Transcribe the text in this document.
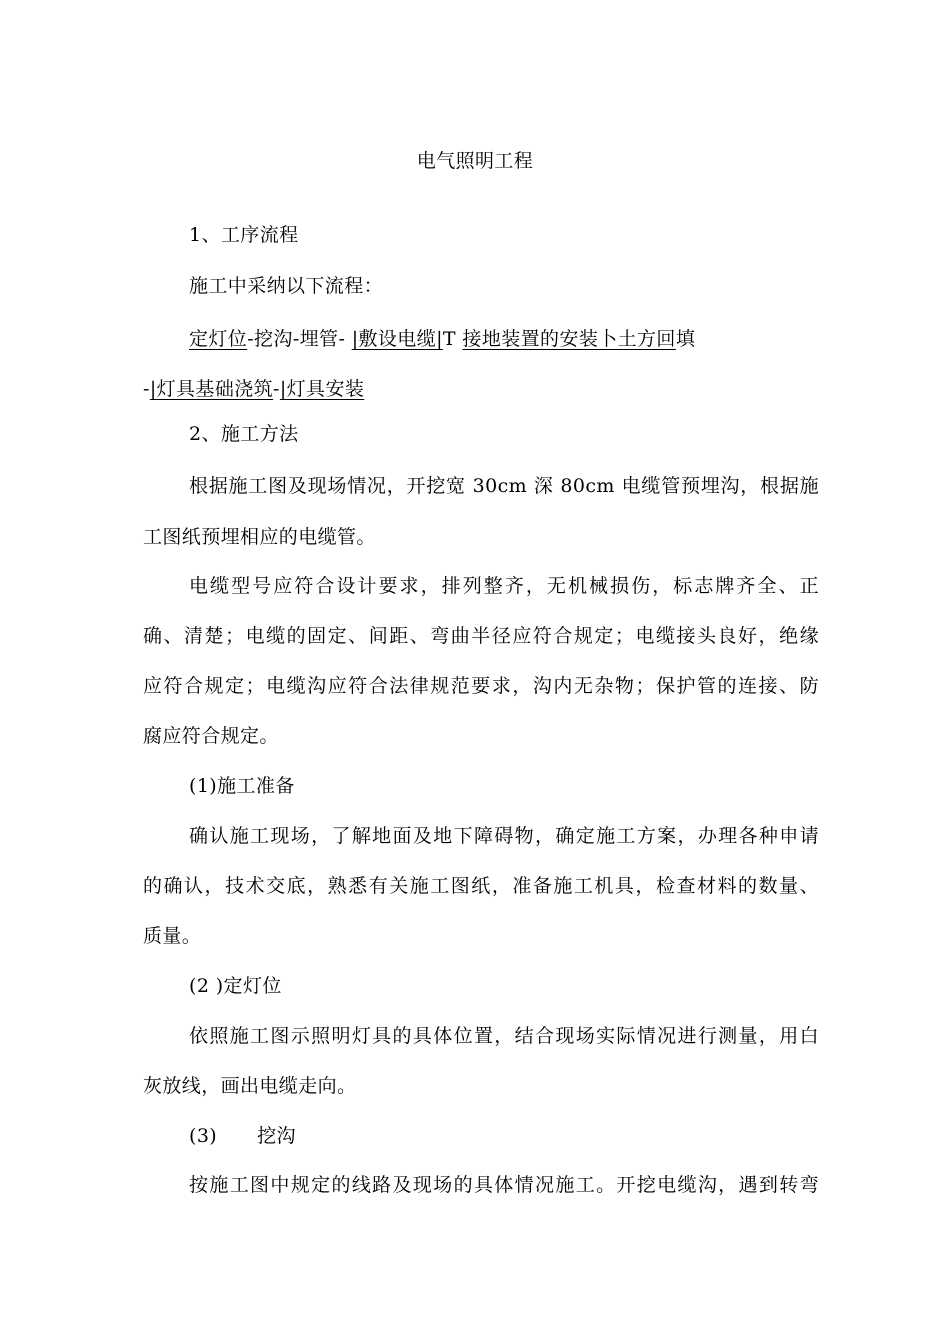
电气照明工程
1、工序流程
施工中采纳以下流程：
定灯位-挖沟-埋管- |敷设电缆|T 接地装置的安装卜土方回填
-|灯具基础浇筑-|灯具安装
2、施工方法
根据施工图及现场情况，开挖宽 30cm 深 80cm 电缆管预埋沟，根据施
工图纸预埋相应的电缆管。
电缆型号应符合设计要求，排列整齐，无机械损伤，标志牌齐全、正
确、清楚；电缆的固定、间距、弯曲半径应符合规定；电缆接头良好，绝缘
应符合规定；电缆沟应符合法律规范要求，沟内无杂物；保护管的连接、防
腐应符合规定。
(1)施工准备
确认施工现场，了解地面及地下障碍物，确定施工方案，办理各种申请
的确认，技术交底，熟悉有关施工图纸，准备施工机具，检查材料的数量、
质量。
(2 )定灯位
依照施工图示照明灯具的具体位置，结合现场实际情况进行测量，用白
灰放线，画出电缆走向。
(3) 挖沟
按施工图中规定的线路及现场的具体情况施工。开挖电缆沟，遇到转弯
